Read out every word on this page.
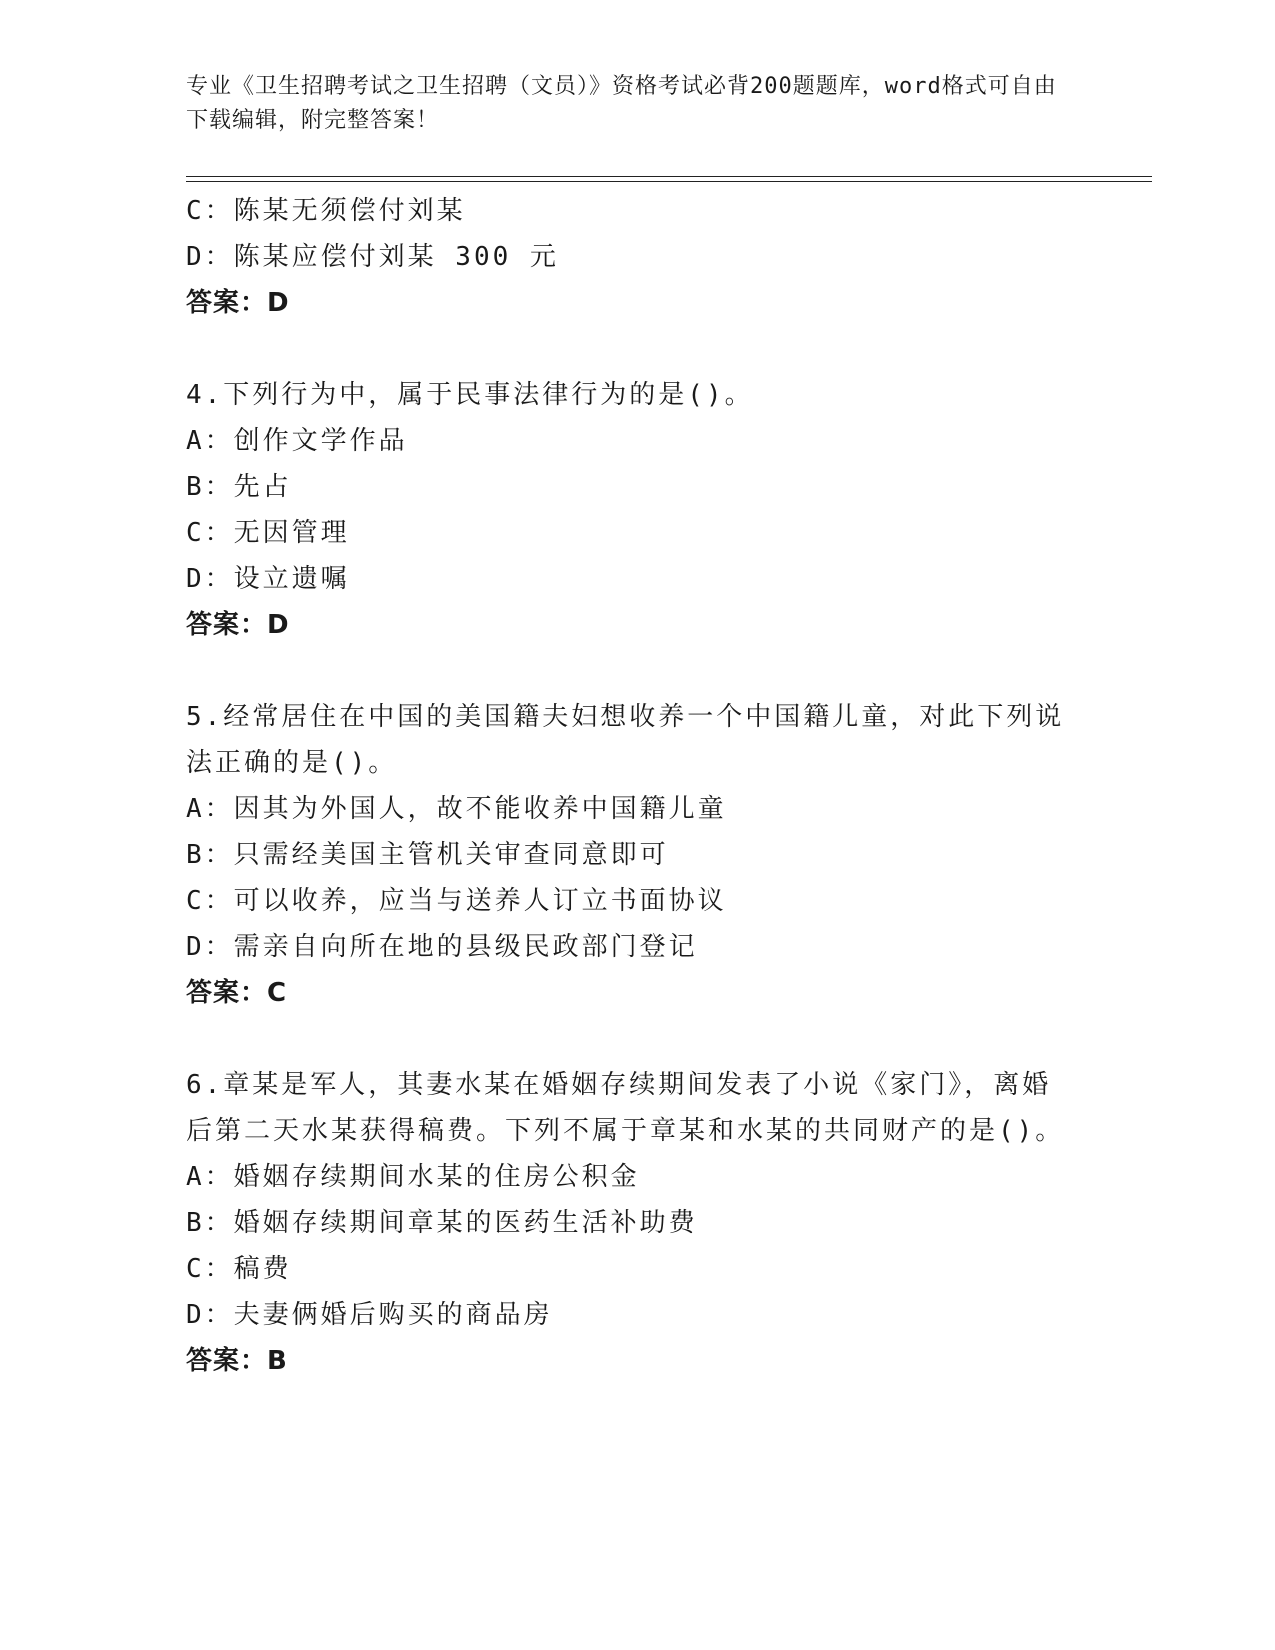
专业《卫生招聘考试之卫生招聘（文员）》资格考试必背200题题库，word格式可自由下载编辑，附完整答案！
C：陈某无须偿付刘某
D：陈某应偿付刘某 300 元
答案：D
4.下列行为中，属于民事法律行为的是()。
A：创作文学作品
B：先占
C：无因管理
D：设立遗嘱
答案：D
5.经常居住在中国的美国籍夫妇想收养一个中国籍儿童，对此下列说法正确的是()。
A：因其为外国人，故不能收养中国籍儿童
B：只需经美国主管机关审查同意即可
C：可以收养，应当与送养人订立书面协议
D：需亲自向所在地的县级民政部门登记
答案：C
6.章某是军人，其妻水某在婚姻存续期间发表了小说《家门》，离婚后第二天水某获得稿费。下列不属于章某和水某的共同财产的是()。
A：婚姻存续期间水某的住房公积金
B：婚姻存续期间章某的医药生活补助费
C：稿费
D：夫妻俩婚后购买的商品房
答案：B
